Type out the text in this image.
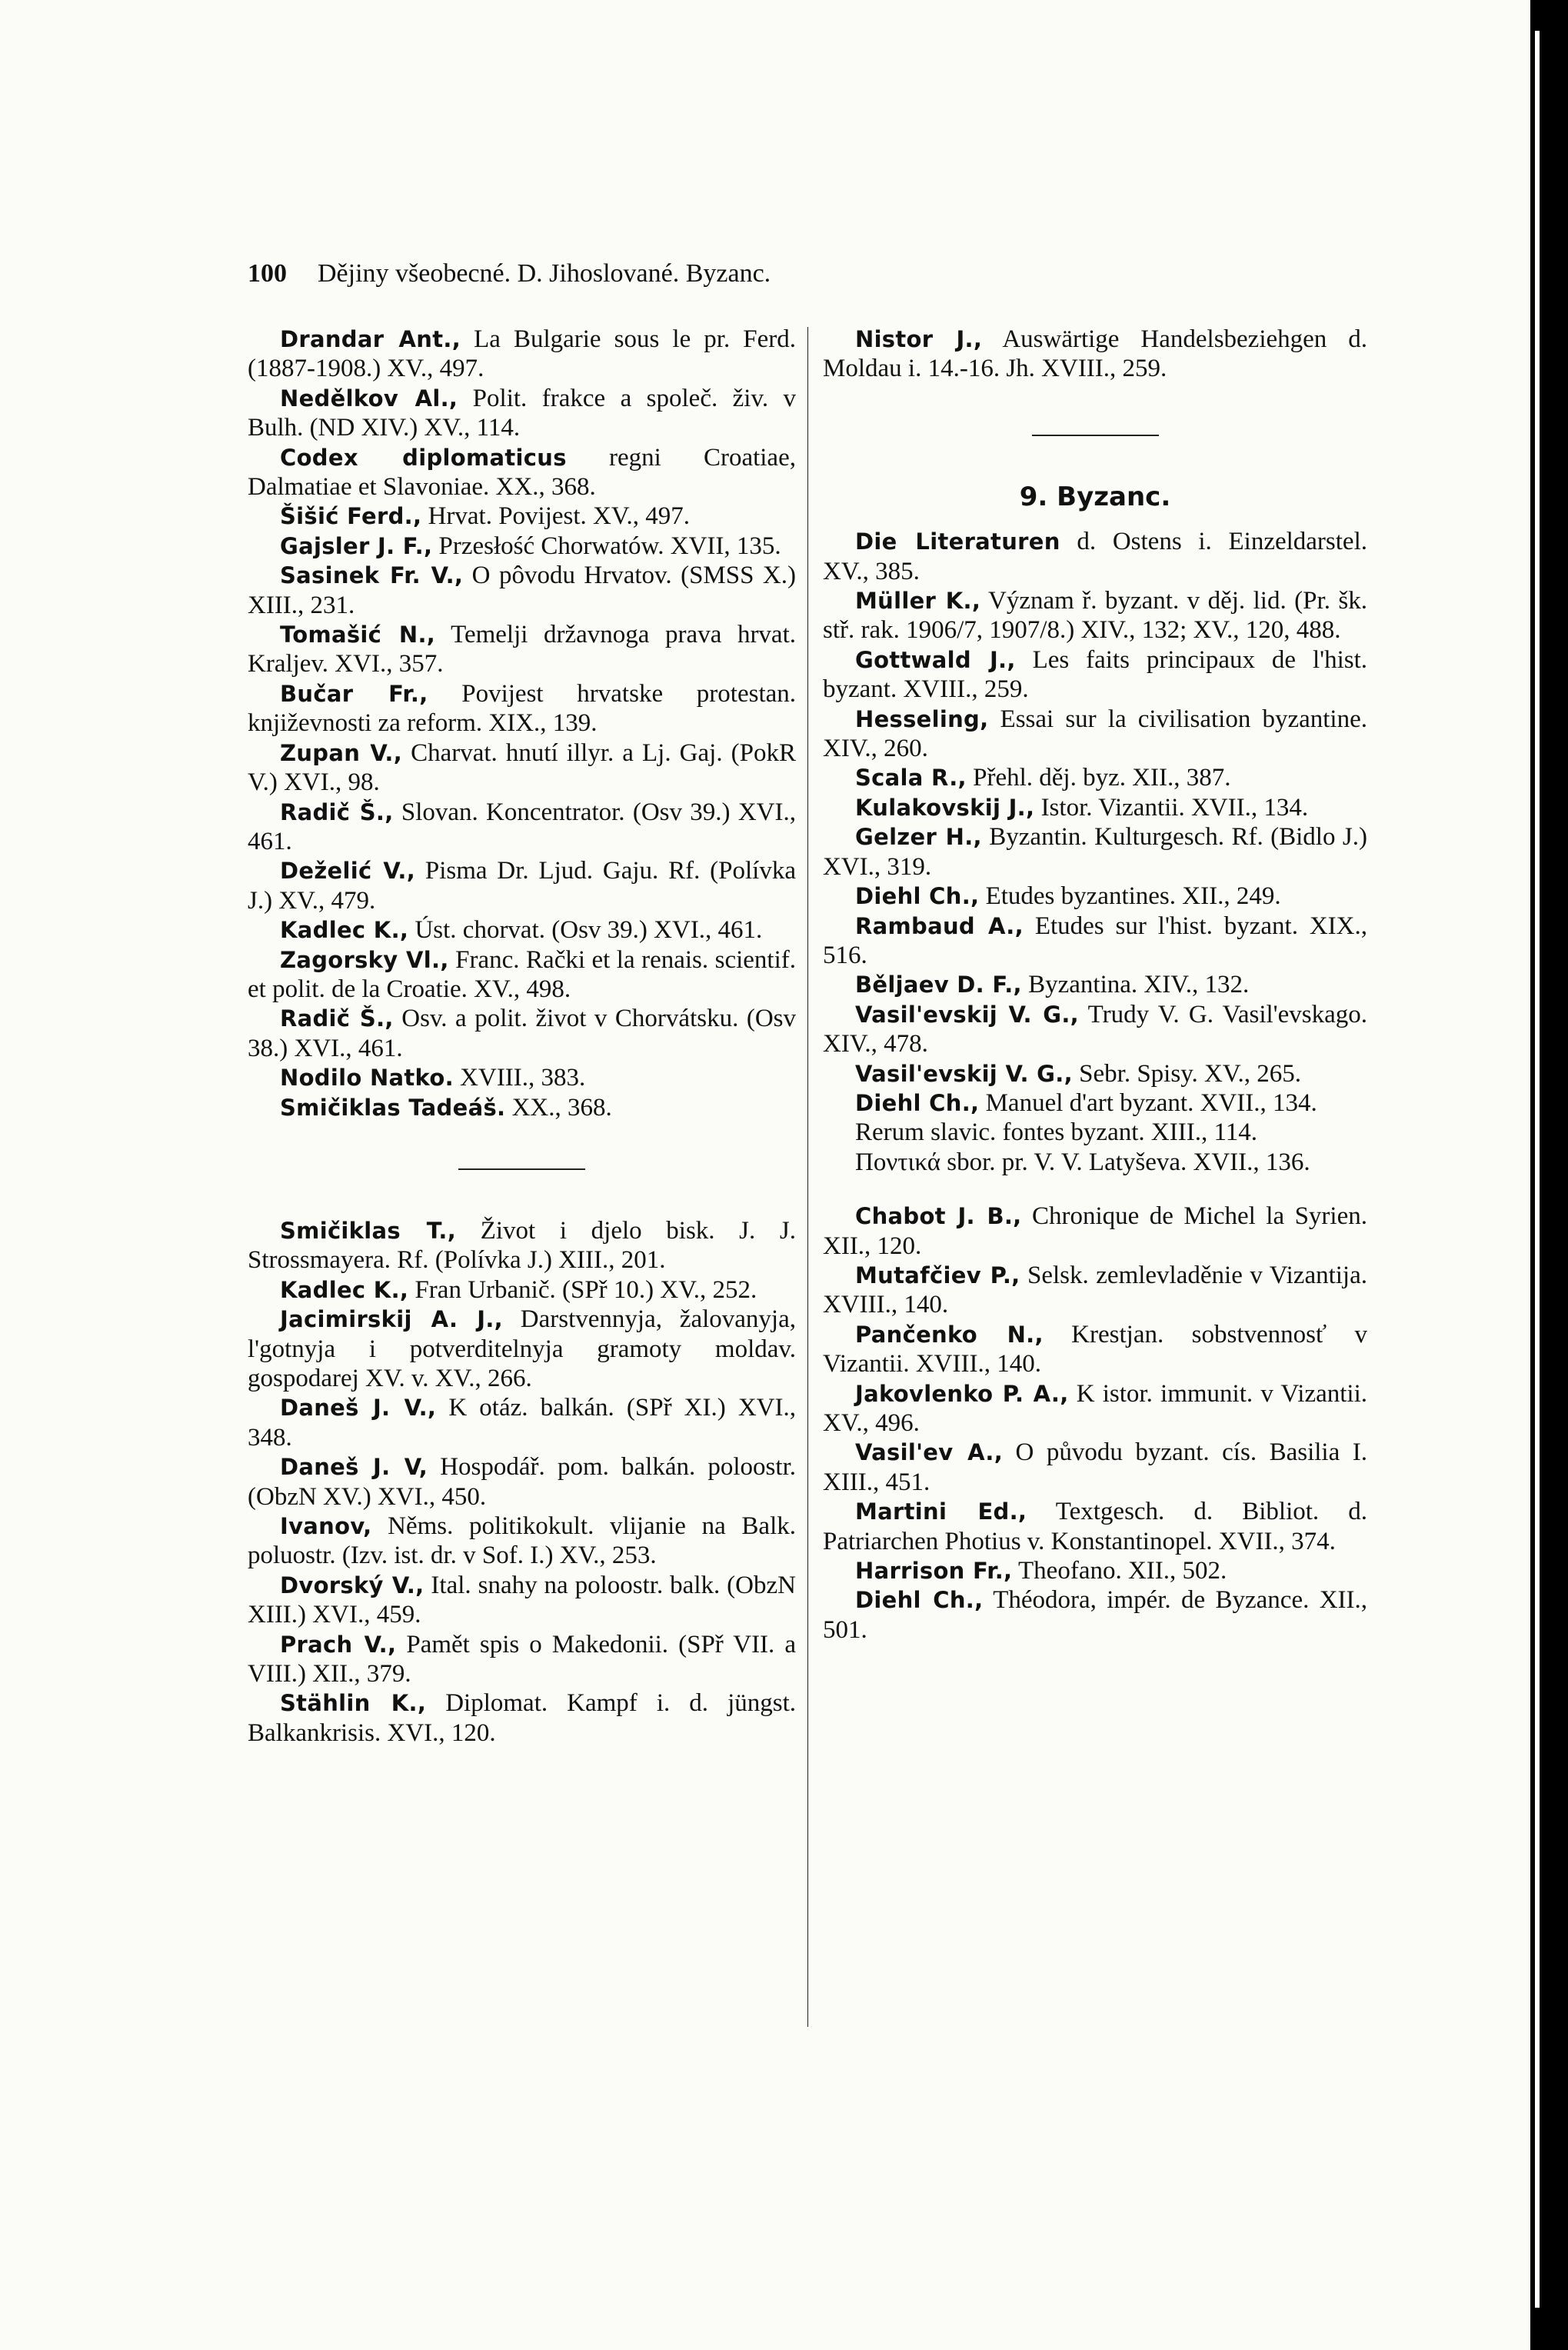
100 Dějiny všeobecné. D. Jihoslované. Byzanc.

Drandar Ant., La Bulgarie sous le pr. Ferd. (1887-1908.) XV., 497.

Nedělkov Al., Polit. frakce a společ. živ. v Bulh. (ND XIV.) XV., 114.

Codex diplomaticus regni Croatiae, Dalmatiae et Slavoniae. XX., 368.

Šišić Ferd., Hrvat. Povijest. XV., 497.

Gajsler J. F., Przesłość Chorwatów. XVII, 135.

Sasinek Fr. V., O pôvodu Hrvatov. (SMSS X.) XIII., 231.

Tomašić N., Temelji državnoga prava hrvat. Kraljev. XVI., 357.

Bučar Fr., Povijest hrvatske protestan. književnosti za reform. XIX., 139.

Zupan V., Charvat. hnutí illyr. a Lj. Gaj. (PokR V.) XVI., 98.

Radič Š., Slovan. Koncentrator. (Osv 39.) XVI., 461.

Deželić V., Pisma Dr. Ljud. Gaju. Rf. (Polívka J.) XV., 479.

Kadlec K., Úst. chorvat. (Osv 39.) XVI., 461.

Zagorsky Vl., Franc. Rački et la renais. scientif. et polit. de la Croatie. XV., 498.

Radič Š., Osv. a polit. život v Chorvátsku. (Osv 38.) XVI., 461.

Nodilo Natko. XVIII., 383.

Smičiklas Tadeáš. XX., 368.

Smičiklas T., Život i djelo bisk. J. J. Strossmayera. Rf. (Polívka J.) XIII., 201.

Kadlec K., Fran Urbanič. (SPř 10.) XV., 252.

Jacimirskij A. J., Darstvennyja, žalovanyja, l'gotnyja i potverditelnyja gramoty moldav. gospodarej XV. v. XV., 266.

Daneš J. V., K otáz. balkán. (SPř XI.) XVI., 348.

Daneš J. V, Hospodář. pom. balkán. poloostr. (ObzN XV.) XVI., 450.

Ivanov, Něms. politikokult. vlijanie na Balk. poluostr. (Izv. ist. dr. v Sof. I.) XV., 253.

Dvorský V., Ital. snahy na poloostr. balk. (ObzN XIII.) XVI., 459.

Prach V., Pamět spis o Makedonii. (SPř VII. a VIII.) XII., 379.

Stählin K., Diplomat. Kampf i. d. jüngst. Balkankrisis. XVI., 120.

Nistor J., Auswärtige Handelsbeziehgen d. Moldau i. 14.-16. Jh. XVIII., 259.

9. Byzanc.

Die Literaturen d. Ostens i. Einzeldarstel. XV., 385.

Müller K., Význam ř. byzant. v děj. lid. (Pr. šk. stř. rak. 1906/7, 1907/8.) XIV., 132; XV., 120, 488.

Gottwald J., Les faits principaux de l'hist. byzant. XVIII., 259.

Hesseling, Essai sur la civilisation byzantine. XIV., 260.

Scala R., Přehl. děj. byz. XII., 387.

Kulakovskij J., Istor. Vizantii. XVII., 134.

Gelzer H., Byzantin. Kulturgesch. Rf. (Bidlo J.) XVI., 319.

Diehl Ch., Etudes byzantines. XII., 249.

Rambaud A., Etudes sur l'hist. byzant. XIX., 516.

Běljaev D. F., Byzantina. XIV., 132.

Vasil'evskij V. G., Trudy V. G. Vasil'evskago. XIV., 478.

Vasil'evskij V. G., Sebr. Spisy. XV., 265.

Diehl Ch., Manuel d'art byzant. XVII., 134.

Rerum slavic. fontes byzant. XIII., 114.

Ποντικά sbor. pr. V. V. Latyševa. XVII., 136.

Chabot J. B., Chronique de Michel la Syrien. XII., 120.

Mutafčiev P., Selsk. zemlevladěnie v Vizantija. XVIII., 140.

Pančenko N., Krestjan. sobstvennosť v Vizantii. XVIII., 140.

Jakovlenko P. A., K istor. immunit. v Vizantii. XV., 496.

Vasil'ev A., O původu byzant. cís. Basilia I. XIII., 451.

Martini Ed., Textgesch. d. Bibliot. d. Patriarchen Photius v. Konstantinopel. XVII., 374.

Harrison Fr., Theofano. XII., 502.

Diehl Ch., Théodora, impér. de Byzance. XII., 501.
